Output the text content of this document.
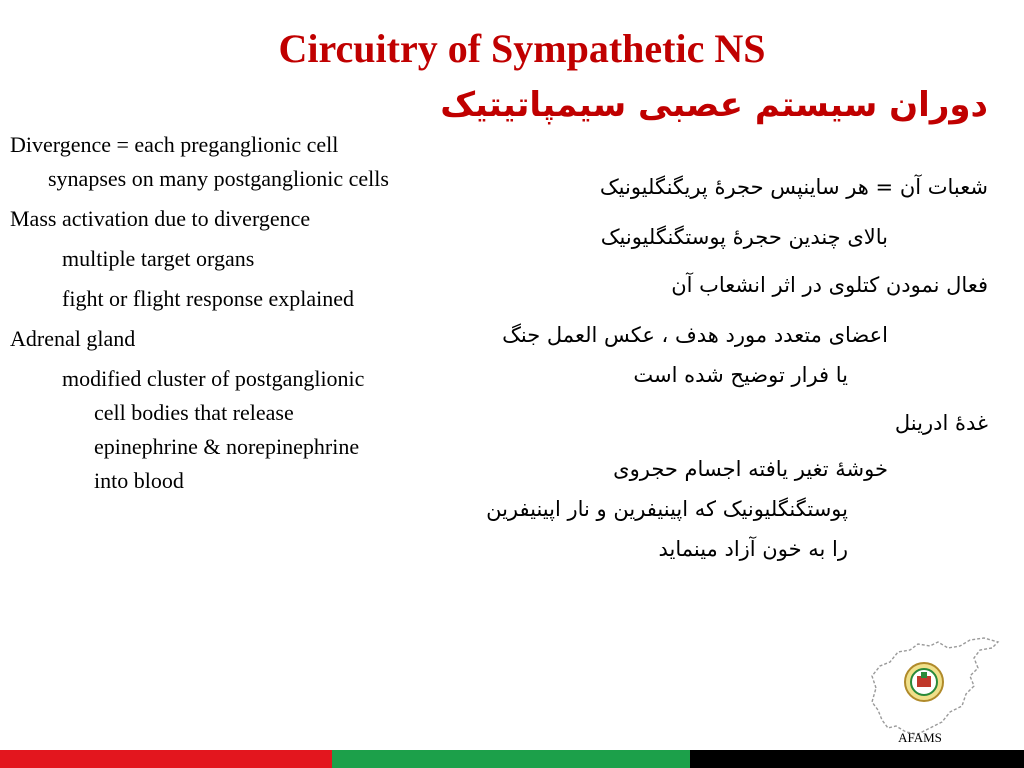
Circuitry of Sympathetic NS
دوران سیستم عصبی سیمپاتیتیک

Divergence = each preganglionic cell synapses on many postganglionic cells

Mass activation due to divergence

multiple target organs

fight or flight response explained

Adrenal gland

modified cluster of postganglionic cell bodies that release epinephrine & norepinephrine into blood

شعبات آن = هر ساینپس حجرۀ پریگنگلیونیک

بالای چندین حجرۀ پوستگنگلیونیک

فعال نمودن کتلوی در اثر انشعاب آن

اعضای متعدد مورد هدف ، عکس العمل جنگ

یا فرار توضیح شده است

غدۀ ادرینل

خوشۀ تغیر یافته اجسام حجروی

پوستگنگلیونیک که اپینیفرین و نار اپینیفرین

را به خون آزاد مینماید

AFAMS
